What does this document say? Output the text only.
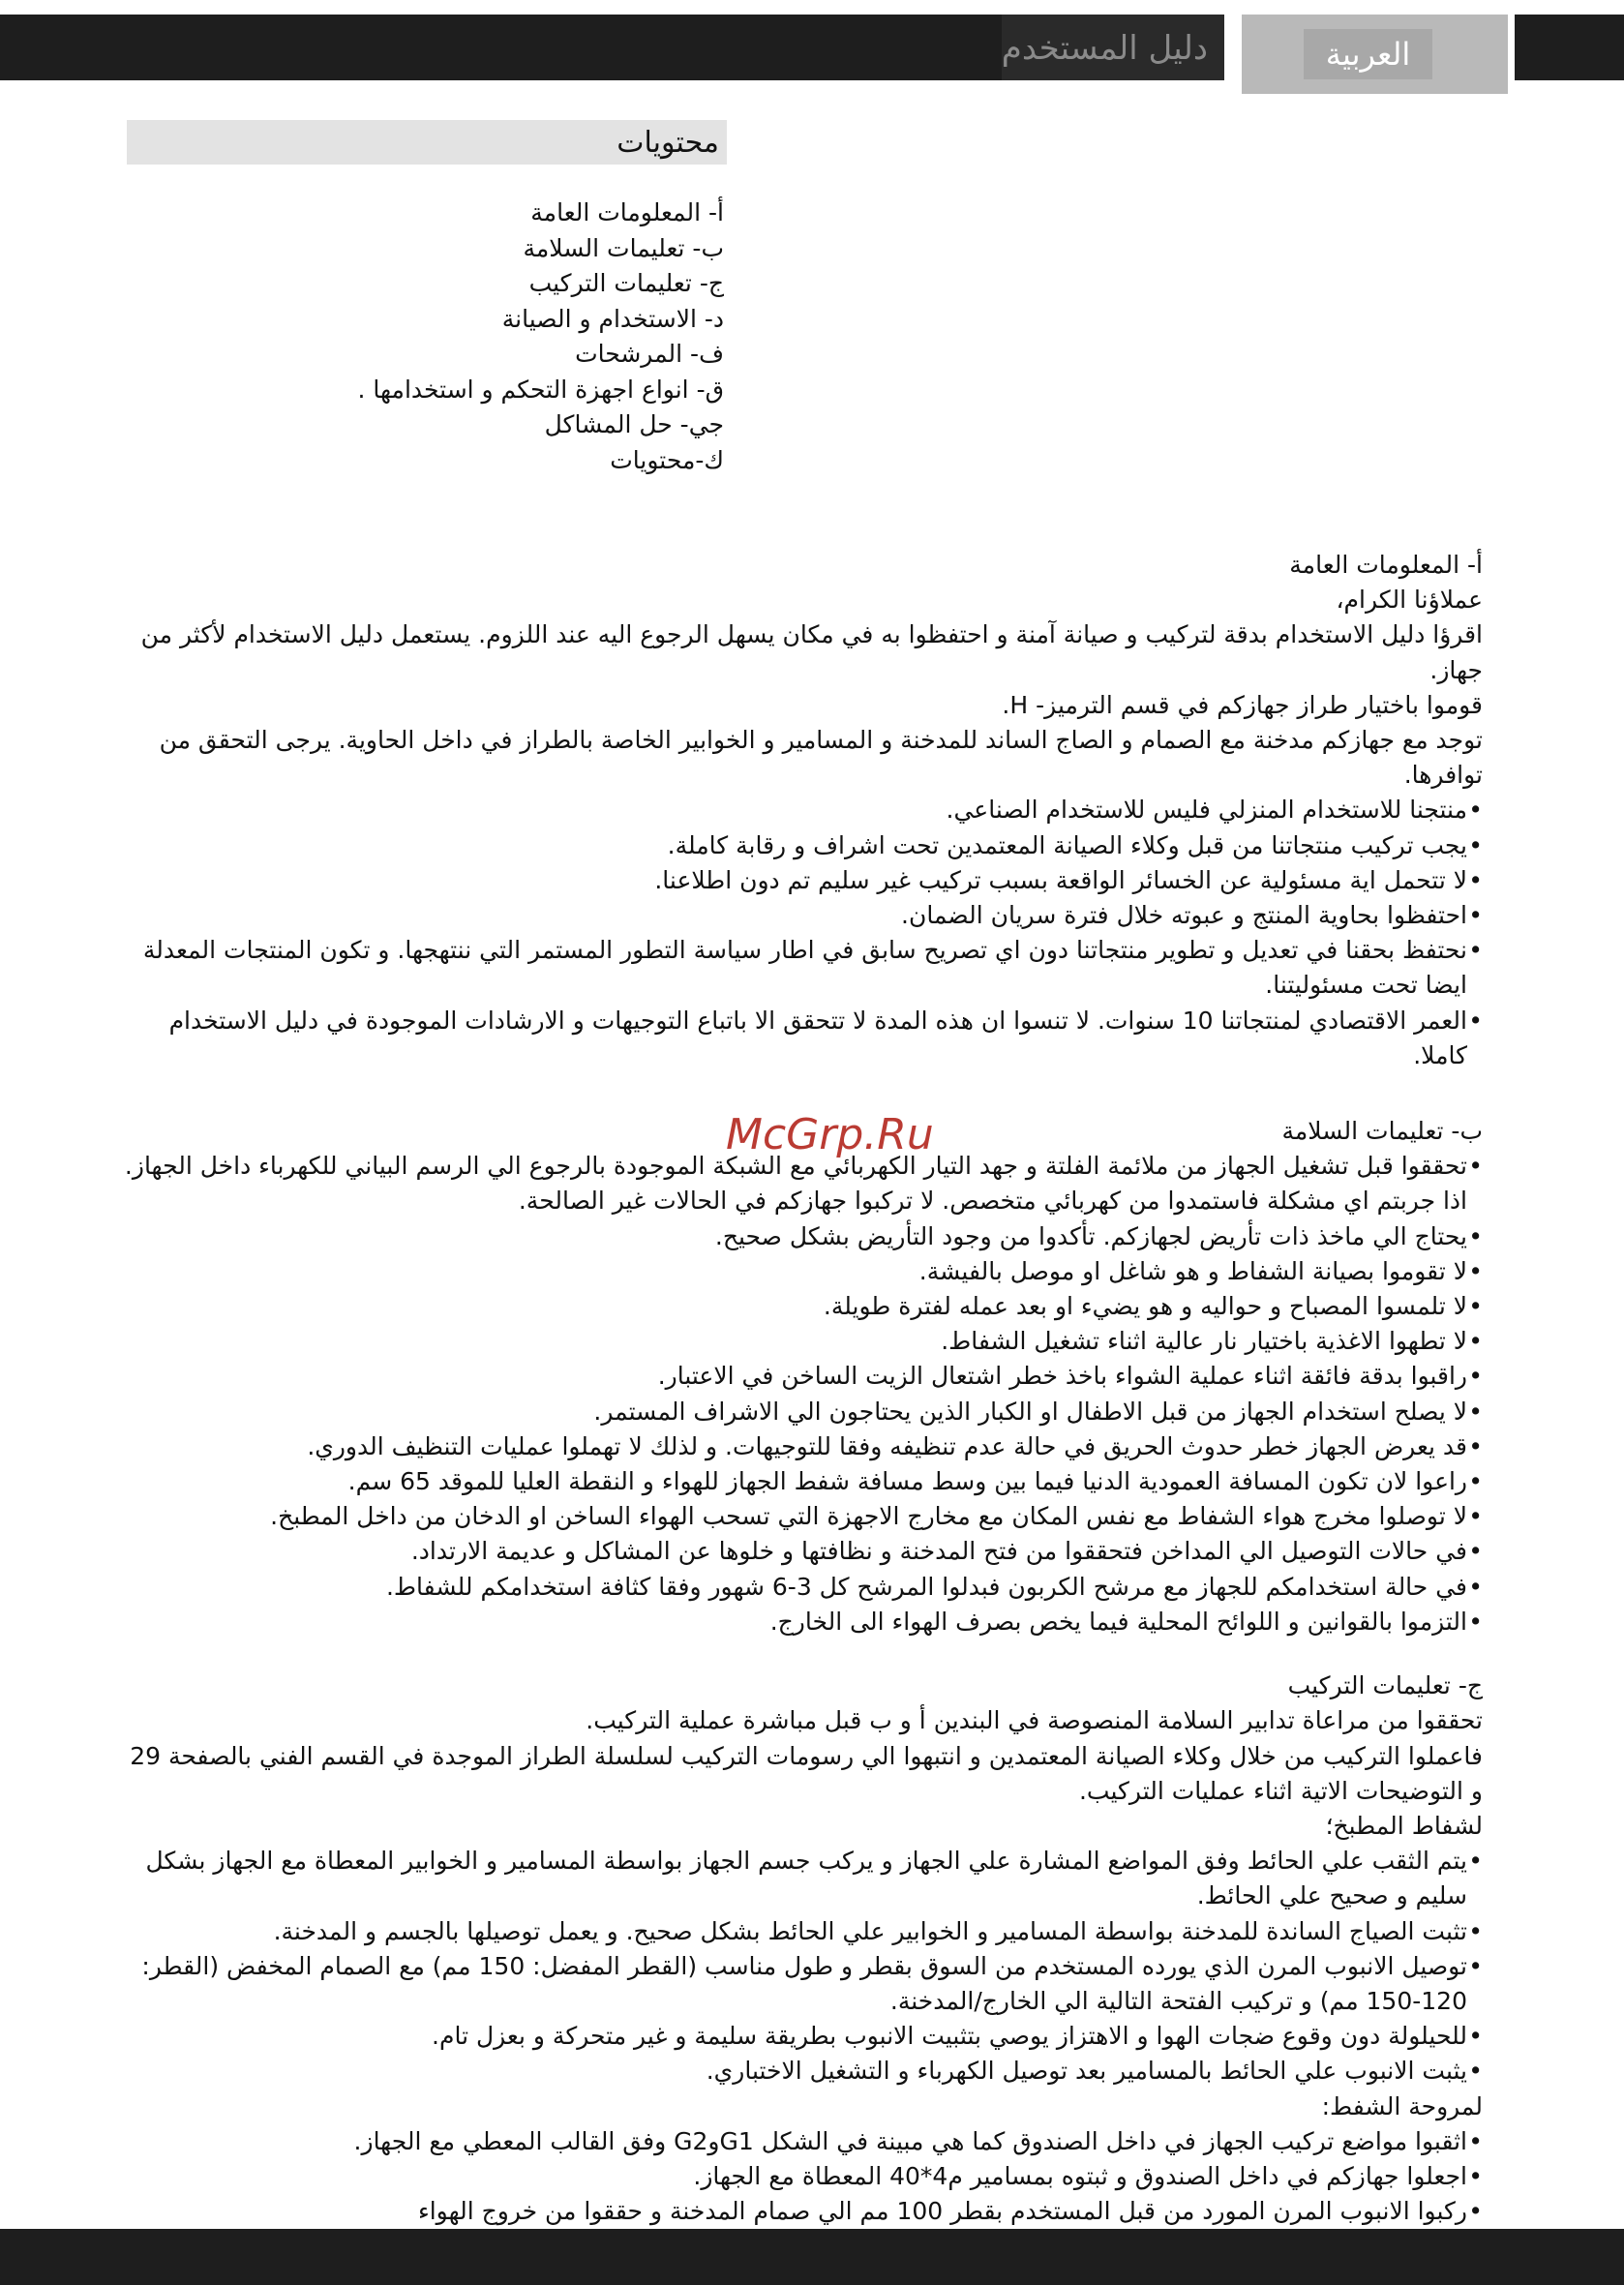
دليل المستخدم	العربية
محتويات
أ- المعلومات العامة
ب- تعليمات السلامة
ج- تعليمات التركيب
د- الاستخدام و الصيانة
ف- المرشحات
ق- انواع اجهزة التحكم و استخدامها .
جي- حل المشاكل
ك-محتويات

أ- المعلومات العامة

عملاؤنا الكرام،

اقرؤا دليل الاستخدام بدقة لتركيب و صيانة آمنة و احتفظوا به في مكان يسهل الرجوع اليه عند اللزوم. يستعمل دليل الاستخدام لأكثر من جهاز.

قوموا باختيار طراز جهازكم في قسم الترميز- H.

توجد مع جهازكم مدخنة مع الصمام و الصاج الساند للمدخنة و المسامير و الخوابير الخاصة بالطراز في داخل الحاوية. يرجى التحقق من توافرها.

• منتجنا للاستخدام المنزلي فليس للاستخدام الصناعي.
• يجب تركيب منتجاتنا من قبل وكلاء الصيانة المعتمدين تحت اشراف و رقابة كاملة.
• لا تتحمل اية مسئولية عن الخسائر الواقعة بسبب تركيب غير سليم تم دون اطلاعنا.
• احتفظوا بحاوية المنتج و عبوته خلال فترة سريان الضمان.
• نحتفظ بحقنا في تعديل و تطوير منتجاتنا دون اي تصريح سابق في اطار سياسة التطور المستمر التي ننتهجها. و تكون المنتجات المعدلة ايضا تحت مسئوليتنا.
• العمر الاقتصادي لمنتجاتنا 10 سنوات. لا تنسوا ان هذه المدة لا تتحقق الا باتباع التوجيهات و الارشادات الموجودة في دليل الاستخدام كاملا.

ب- تعليمات السلامة

• تحققوا قبل تشغيل الجهاز من ملائمة الفلتة و جهد التيار الكهربائي مع الشبكة الموجودة بالرجوع الي الرسم البياني للكهرباء داخل الجهاز. اذا جربتم اي مشكلة فاستمدوا من كهربائي متخصص. لا تركبوا جهازكم في الحالات غير الصالحة.
• يحتاج الي ماخذ ذات تأريض لجهازكم. تأكدوا من وجود التأريض بشكل صحيح.
• لا تقوموا بصيانة الشفاط و هو شاغل او موصل بالفيشة.
• لا تلمسوا المصباح و حواليه و هو يضيء او بعد عمله لفترة طويلة.
• لا تطهوا الاغذية باختيار نار عالية اثناء تشغيل الشفاط.
• راقبوا بدقة فائقة اثناء عملية الشواء باخذ خطر اشتعال الزيت الساخن في الاعتبار.
• لا يصلح استخدام الجهاز من قبل الاطفال او الكبار الذين يحتاجون الي الاشراف المستمر.
• قد يعرض الجهاز خطر حدوث الحريق في حالة عدم تنظيفه وفقا للتوجيهات. و لذلك لا تهملوا عمليات التنظيف الدوري.
• راعوا لان تكون المسافة العمودية الدنيا فيما بين وسط مسافة شفط الجهاز للهواء و النقطة العليا للموقد 65 سم.
• لا توصلوا مخرج هواء الشفاط مع نفس المكان مع مخارج الاجهزة التي تسحب الهواء الساخن او الدخان من داخل المطبخ.
• في حالات التوصيل الي المداخن فتحققوا من فتح المدخنة و نظافتها و خلوها عن المشاكل و عديمة الارتداد.
• في حالة استخدامكم للجهاز مع مرشح الكربون فبدلوا المرشح كل 3-6 شهور وفقا كثافة استخدامكم للشفاط.
• التزموا بالقوانين و اللوائح المحلية فيما يخص بصرف الهواء الى الخارج.

ج- تعليمات التركيب

تحققوا من مراعاة تدابير السلامة المنصوصة في البندين أ و ب قبل مباشرة عملية التركيب.

فاعملوا التركيب من خلال وكلاء الصيانة المعتمدين و انتبهوا الي رسومات التركيب لسلسلة الطراز الموجدة في القسم الفني بالصفحة 29 و التوضيحات الاتية اثناء عمليات التركيب.

لشفاط المطبخ؛

• يتم الثقب علي الحائط وفق المواضع المشارة علي الجهاز و يركب جسم الجهاز بواسطة المسامير و الخوابير المعطاة مع الجهاز بشكل سليم و صحيح علي الحائط.
• تثبت الصياج الساندة للمدخنة بواسطة المسامير و الخوابير علي الحائط بشكل صحيح. و يعمل توصيلها بالجسم و المدخنة.
• توصيل الانبوب المرن الذي يورده المستخدم من السوق بقطر و طول مناسب (القطر المفضل: 150 مم) مع الصمام المخفض (القطر: 120-150 مم) و تركيب الفتحة التالية الي الخارج/المدخنة.
• للحيلولة دون وقوع ضجات الهوا و الاهتزاز يوصي بتثبيت الانبوب بطريقة سليمة و غير متحركة و بعزل تام.
• يثبت الانبوب علي الحائط بالمسامير بعد توصيل الكهرباء و التشغيل الاختباري.

لمروحة الشفط:

• اثقبوا مواضع تركيب الجهاز في داخل الصندوق كما هي مبينة في الشكل G1وG2 وفق القالب المعطي مع الجهاز.
• اجعلوا جهازكم في داخل الصندوق و ثبتوه بمسامير م4*40 المعطاة مع الجهاز.
• ركبوا الانبوب المرن المورد من قبل المستخدم بقطر 100 مم الي صمام المدخنة و حققوا من خروج الهواء
McGrp.Ru
